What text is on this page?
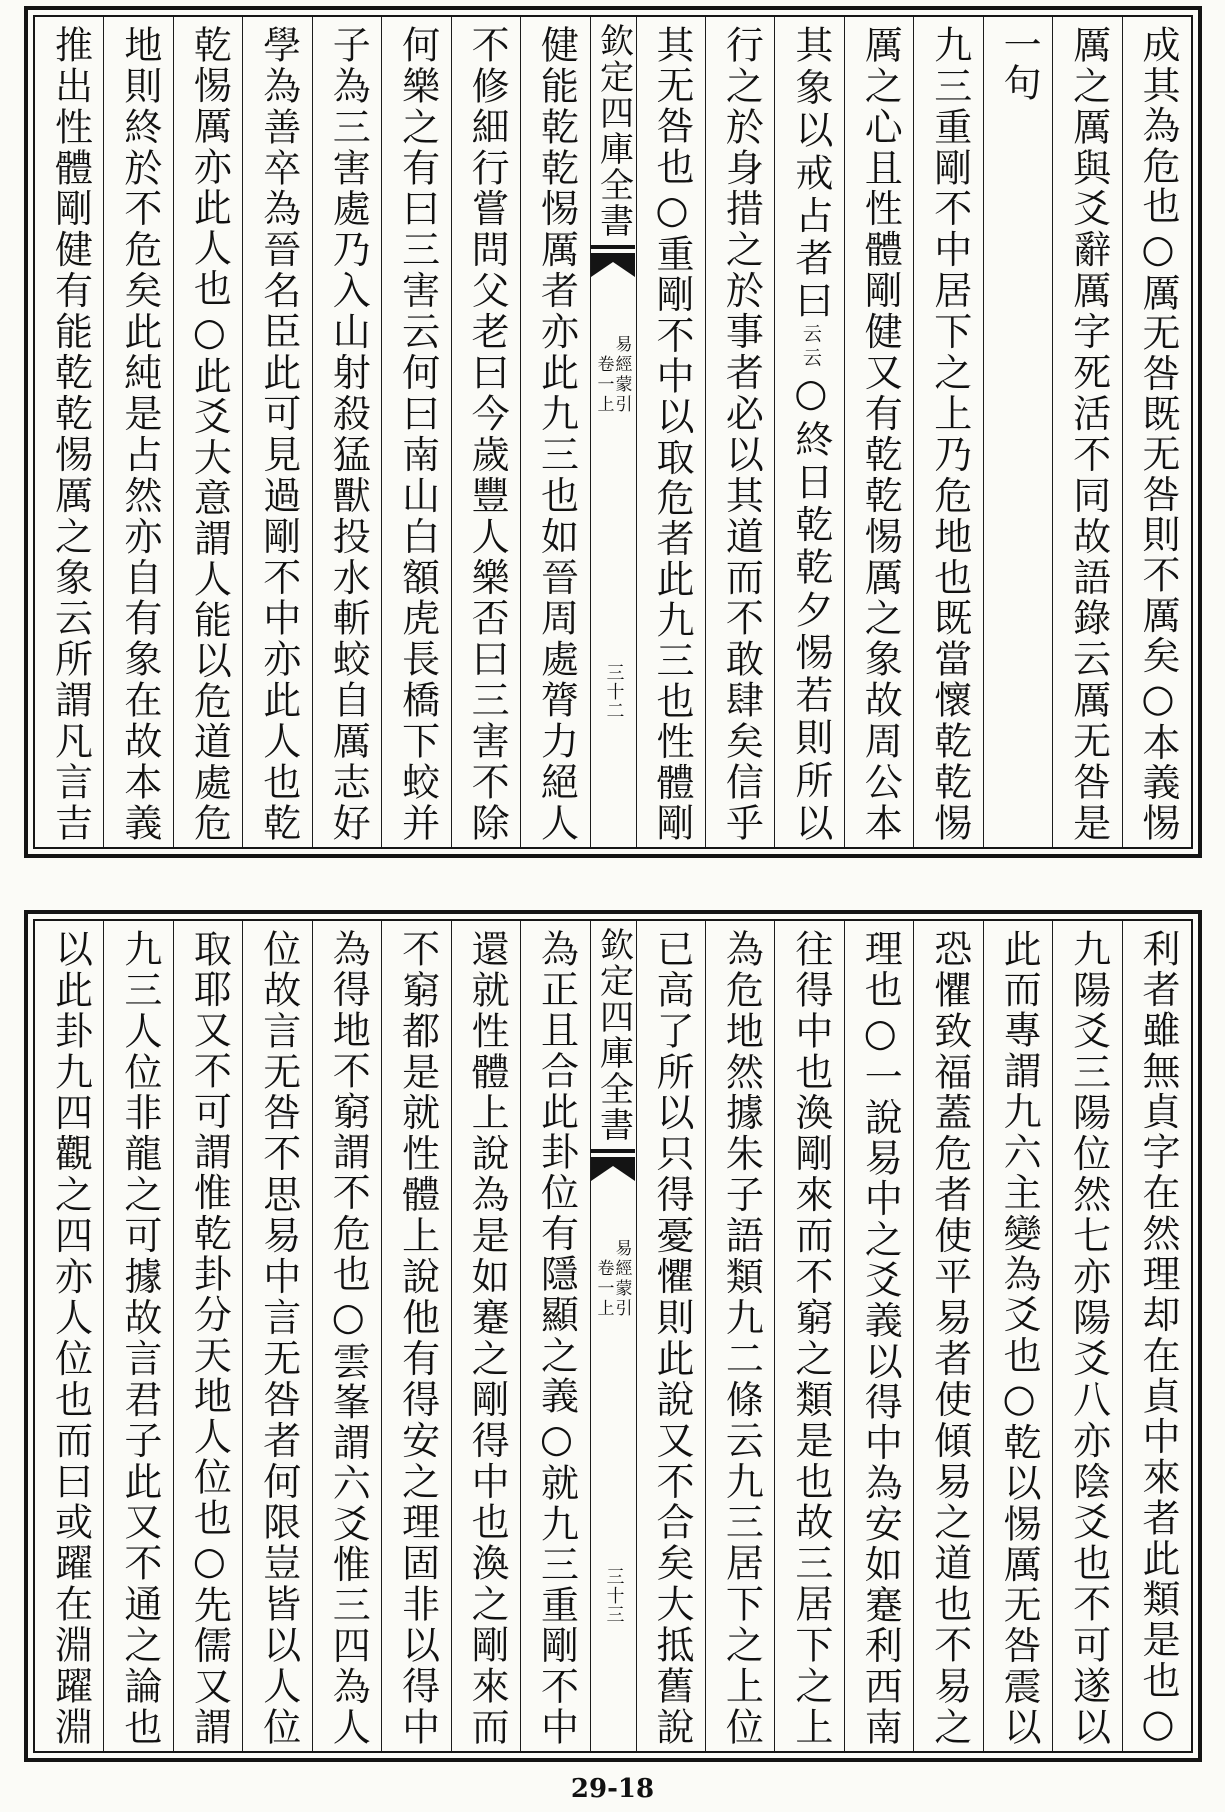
成其為危也○厲无咎既无咎則不厲矣○本義惕
厲之厲與爻辭厲字死活不同故語錄云厲无咎是
一句
九三重剛不中居下之上乃危地也既當懷乾乾惕
厲之心且性體剛健又有乾乾惕厲之象故周公本
其象以戒占者曰云云○終日乾乾夕惕若則所以
行之於身措之於事者必以其道而不敢肆矣信乎
其无咎也○重剛不中以取危者此九三也性體剛
欽定四庫全書
易經蒙引
卷一上
三十二
健能乾乾惕厲者亦此九三也如晉周處膂力絕人
不修細行嘗問父老曰今歲豐人樂否曰三害不除
何樂之有曰三害云何曰南山白額虎長橋下蛟并
子為三害處乃入山射殺猛獸投水斬蛟自厲志好
學為善卒為晉名臣此可見過剛不中亦此人也乾
乾惕厲亦此人也○此爻大意謂人能以危道處危
地則終於不危矣此純是占然亦自有象在故本義
推出性體剛健有能乾乾惕厲之象云所謂凡言吉
利者雖無貞字在然理却在貞中來者此類是也○
九陽爻三陽位然七亦陽爻八亦陰爻也不可遂以
此而專謂九六主變為爻也○乾以惕厲无咎震以
恐懼致福蓋危者使平易者使傾易之道也不易之
理也○一說易中之爻義以得中為安如蹇利西南
往得中也渙剛來而不窮之類是也故三居下之上
為危地然據朱子語類九二條云九三居下之上位
已高了所以只得憂懼則此說又不合矣大抵舊說
欽定四庫全書
易經蒙引
卷一上
三十三
為正且合此卦位有隱顯之義○就九三重剛不中
還就性體上說為是如蹇之剛得中也渙之剛來而
不窮都是就性體上說他有得安之理固非以得中
為得地不窮謂不危也○雲峯謂六爻惟三四為人
位故言无咎不思易中言无咎者何限豈皆以人位
取耶又不可謂惟乾卦分天地人位也○先儒又謂
九三人位非龍之可據故言君子此又不通之論也
以此卦九四觀之四亦人位也而曰或躍在淵躍淵
29-18
